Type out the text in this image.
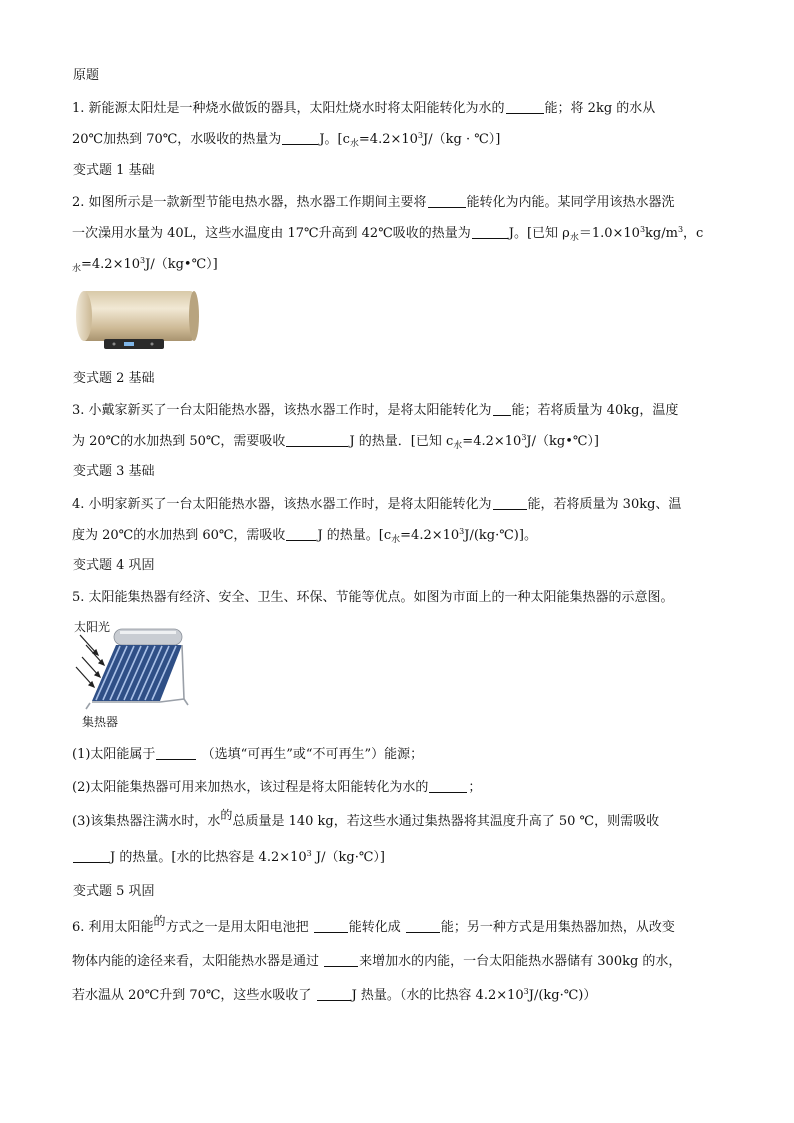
原题
1. 新能源太阳灶是一种烧水做饭的器具，太阳灶烧水时将太阳能转化为水的	能；将 2kg 的水从
20℃加热到 70℃，水吸收的热量为	J。[$c_水=4.2\times 10^3J/(kg$ · ℃）]
变式题 1 基础
2. 如图所示是一款新型节能电热水器，热水器工作期间主要将	能转化为内能。某同学用该热水器洗
一次澡用水量为 40L，这些水温度由 17℃升高到 42℃吸收的热量为	J。[已知 $\rho_水=1.0\times 10^3kg/m^3$，c
$_水=4.2\times 10^3J/(kg•℃)$]
变式题 2 基础
3. 小戴家新买了一台太阳能热水器，该热水器工作时，是将太阳能转化为 能；若将质量为 40kg，温度
为 20℃的水加热到 50℃，需要吸收	J 的热量．[已知 $c_水=4.2\times 10^3J/(kg•℃)$]
变式题 3 基础
4. 小明家新买了一台太阳能热水器，该热水器工作时，是将太阳能转化为	能，若将质量为 30kg、温
度为 20℃的水加热到 60℃，需吸收 J 的热量。$[c_水=4.2\times 10^3J/(kg\cdot℃)]$。
变式题 4 巩固
5. 太阳能集热器有经济、安全、卫生、环保、节能等优点。如图为市面上的一种太阳能集热器的示意图。
太阳光
集热器
(1)太阳能属于	（选填“可再生”或“不可再生”）能源；
(2)太阳能集热器可用来加热水，该过程是将太阳能转化为水的	；
(3)该集热器注满水时，水$^的$总质量是 140 kg，若这些水通过集热器将其温度升高了 50 ℃，则需吸收
J 的热量。[水的比热容是 $4.2\times 10^3$ J/（kg·℃）]
变式题 5 巩固
6. 利用太阳能$^的$方式之一是用太阳电池把	能转化成	能；另一种方式是用集热器加热，从改变
物体内能的途径来看，太阳能热水器是通过	来增加水的内能，一台太阳能热水器储有 300kg 的水，
若水温从 20℃升到 70℃，这些水吸收了	J 热量。（水的比热容 $4.2\times 10^3J/(kg\cdot℃)$）
